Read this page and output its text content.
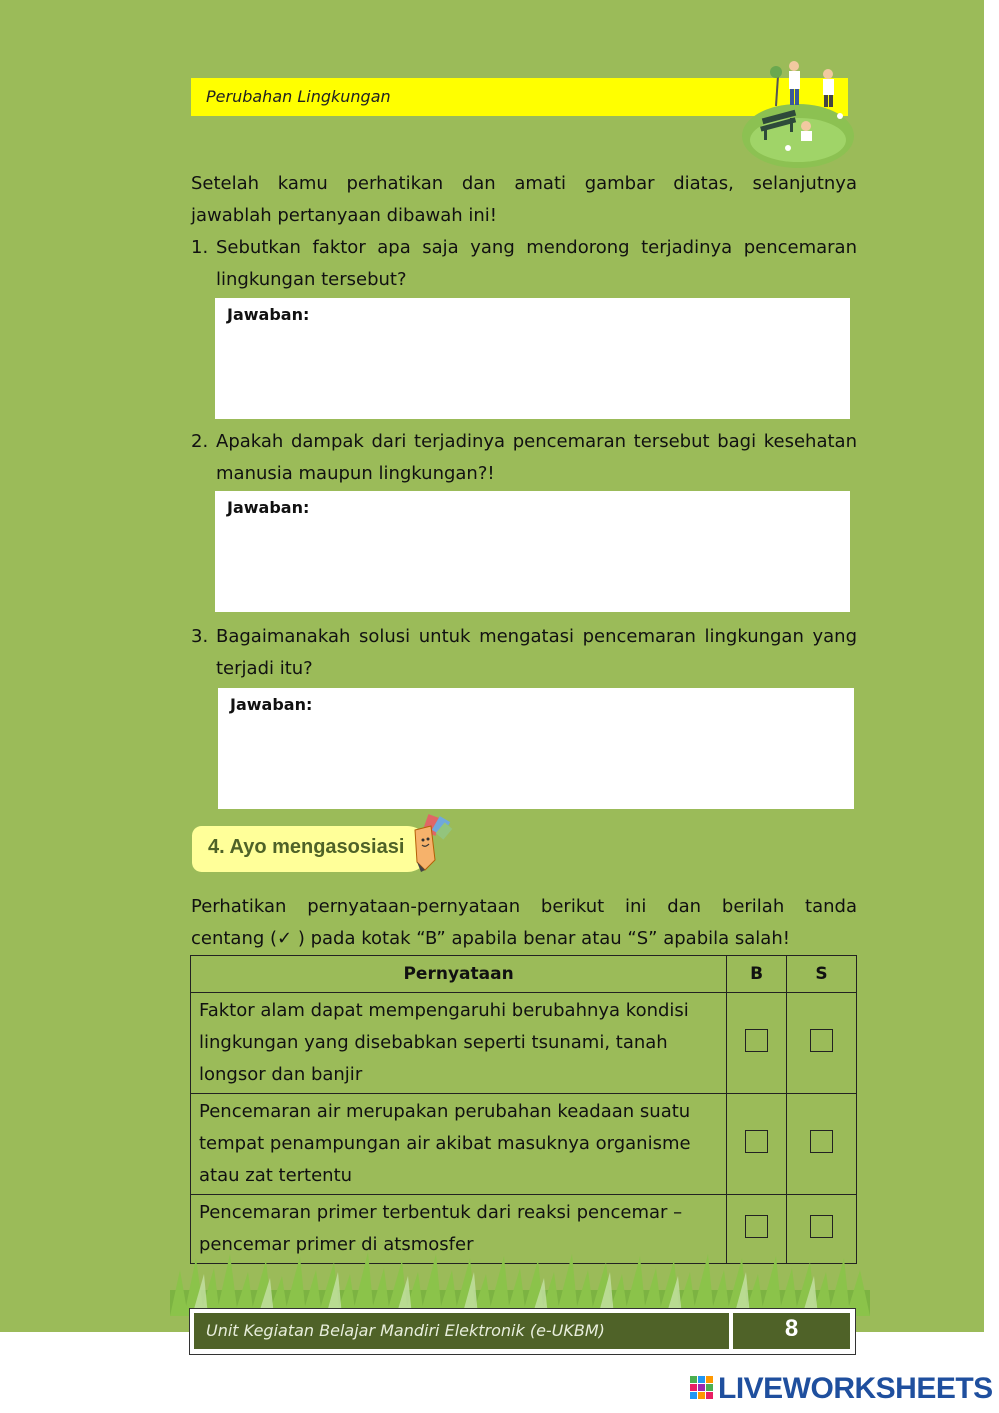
Perubahan Lingkungan
Setelah kamu perhatikan dan amati gambar diatas, selanjutnya
jawablah pertanyaan dibawah ini!
1. Sebutkan faktor apa saja yang mendorong terjadinya pencemaran
lingkungan tersebut?
Jawaban:
2. Apakah dampak dari terjadinya pencemaran tersebut bagi kesehatan
manusia maupun lingkungan?!
Jawaban:
3. Bagaimanakah solusi untuk mengatasi pencemaran lingkungan yang
terjadi itu?
Jawaban:
4. Ayo mengasosiasi
Perhatikan pernyataan-pernyataan berikut ini dan berilah tanda
centang (✓ ) pada kotak “B” apabila benar atau “S” apabila salah!
Pernyataan	B	S

Faktor alam dapat mempengaruhi berubahnya kondisi
lingkungan yang disebabkan seperti tsunami, tanah
longsor dan banjir		

Pencemaran air merupakan perubahan keadaan suatu
tempat penampungan air akibat masuknya organisme
atau zat tertentu		

Pencemaran primer terbentuk dari reaksi pencemar –
pencemar primer di atsmosfer		

Unit Kegiatan Belajar Mandiri Elektronik (e-UKBM)	8
LIVEWORKSHEETS
